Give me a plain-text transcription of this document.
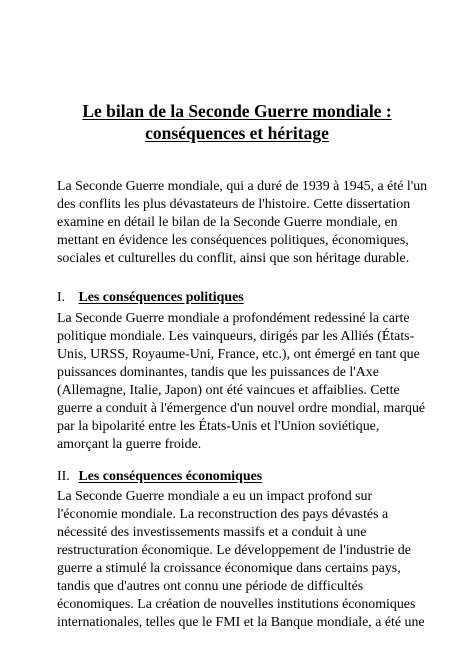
Le bilan de la Seconde Guerre mondiale :
conséquences et héritage
La Seconde Guerre mondiale, qui a duré de 1939 à 1945, a été l'un
des conflits les plus dévastateurs de l'histoire. Cette dissertation
examine en détail le bilan de la Seconde Guerre mondiale, en
mettant en évidence les conséquences politiques, économiques,
sociales et culturelles du conflit, ainsi que son héritage durable.
I. Les conséquences politiques
La Seconde Guerre mondiale a profondément redessiné la carte
politique mondiale. Les vainqueurs, dirigés par les Alliés (États-
Unis, URSS, Royaume-Uni, France, etc.), ont émergé en tant que
puissances dominantes, tandis que les puissances de l'Axe
(Allemagne, Italie, Japon) ont été vaincues et affaiblies. Cette
guerre a conduit à l'émergence d'un nouvel ordre mondial, marqué
par la bipolarité entre les États-Unis et l'Union soviétique,
amorçant la guerre froide.
II. Les conséquences économiques
La Seconde Guerre mondiale a eu un impact profond sur
l'économie mondiale. La reconstruction des pays dévastés a
nécessité des investissements massifs et a conduit à une
restructuration économique. Le développement de l'industrie de
guerre a stimulé la croissance économique dans certains pays,
tandis que d'autres ont connu une période de difficultés
économiques. La création de nouvelles institutions économiques
internationales, telles que le FMI et la Banque mondiale, a été une
